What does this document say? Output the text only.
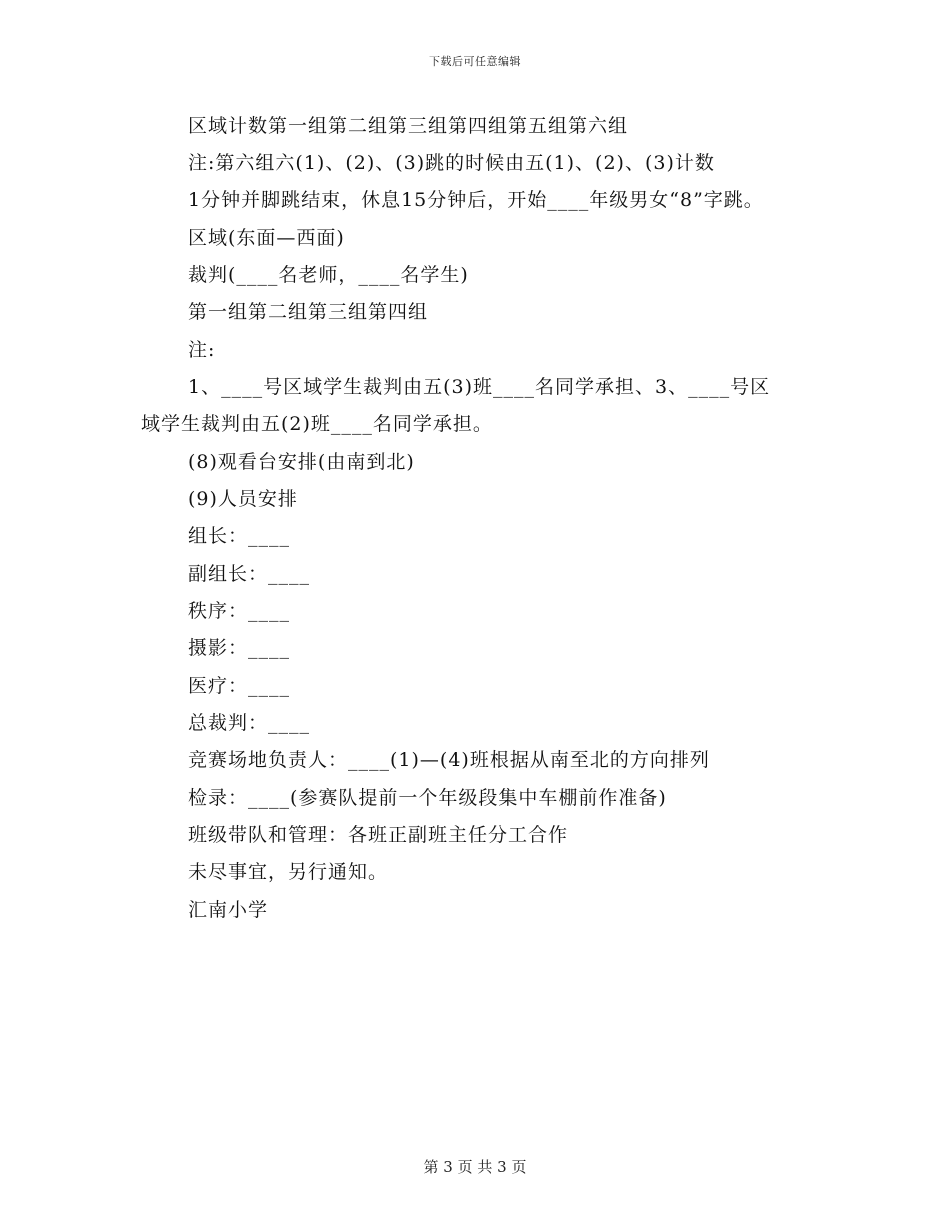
下载后可任意编辑
区域计数第一组第二组第三组第四组第五组第六组
注:第六组六(1)、(2)、(3)跳的时候由五(1)、(2)、(3)计数
1分钟并脚跳结束，休息15分钟后，开始____年级男女“8”字跳。
区域(东面—西面)
裁判(____名老师，____名学生)
第一组第二组第三组第四组
注:
1、____号区域学生裁判由五(3)班____名同学承担、3、____号区
域学生裁判由五(2)班____名同学承担。
(8)观看台安排(由南到北)
(9)人员安排
组长：____
副组长：____
秩序：____
摄影：____
医疗：____
总裁判：____
竞赛场地负责人：____(1)—(4)班根据从南至北的方向排列
检录：____(参赛队提前一个年级段集中车棚前作准备)
班级带队和管理：各班正副班主任分工合作
未尽事宜，另行通知。
汇南小学
第 3 页 共 3 页
